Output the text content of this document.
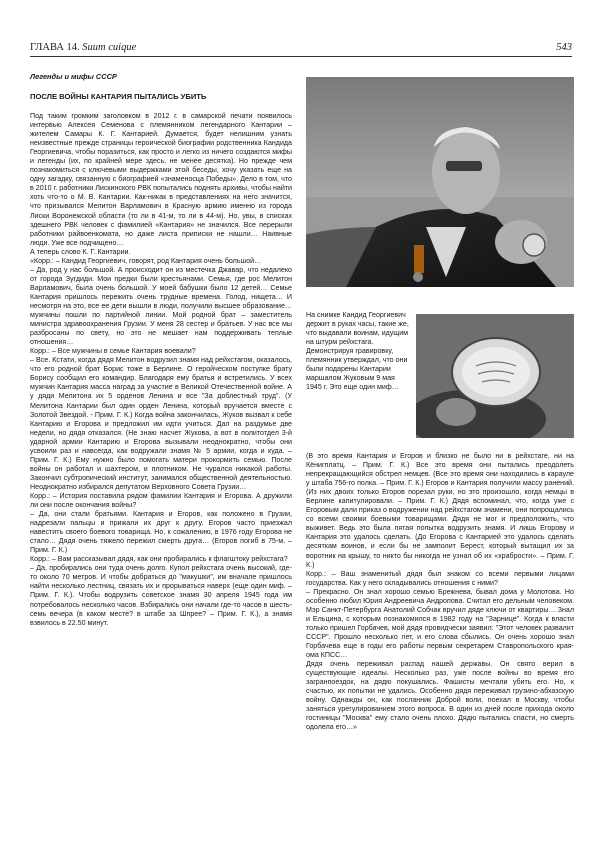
ГЛАВА 14. Suum cuique	543
Легенды и мифы СССР
ПОСЛЕ ВОЙНЫ КАНТАРИЯ ПЫТАЛИСЬ УБИТЬ

Под таким громким заголовком в 2012 г. в самарской печати появилось интервью Алексея Семенова с племянником легендарного Кантарии – жителем Самары К. Г. Кантарией. Думается, будет нелишним узнать неизвестные прежде страницы героической биографии родственника Кандида Георгиевича, чтобы поразиться, как просто и легко из ничего создаются мифы и легенды (их, по крайней мере здесь, не менее десятка). Но прежде чем познакомиться с ключевыми выдержками этой беседы, хочу указать еще на одну загадку, связанную с биографией «знаменосца Победы». Дело в том, что в 2010 г. работники Лискинского РВК попытались поднять архивы, чтобы найти хоть что-то о М. В. Кантарии. Как-никак в представлениях на него значится, что призывался Мелитон Варламович в Красную армию именно из города Лиски Воронежской области (то ли в 41-м, то ли в 44-м). Но, увы, в списках здешнего РВК человек с фамилией «Кантария» не значился. Все перерыли работники райвоенкомата, но даже листа приписки не нашли… Наивные люди. Уже все подчищено…

А теперь слово К. Г. Кантарии.

«Корр.: – Кандид Георгиевич, говорят, род Кантария очень большой…

– Да, род у нас большой. А происходит он из местечка Джавар, что недалеко от города Зугдиди. Мои предки были крестьянами. Семья, где рос Мелитон Варламович, была очень большой. У моей бабушки было 12 детей… Семье Кантария пришлось пережить очень трудные времена. Голод, нищета… И несмотря на это, все ее дети вышли в люди, получили высшее образование… мужчины пошли по партийной линии. Мой родной брат – заместитель министра здравоохранения Грузии. У меня 28 сестер и братьев. У нас все мы разбросаны по свету, но это не мешает нам поддерживать теплые отношения…

Корр.: – Все мужчины в семье Кантария воевали?

– Все. Кстати, когда дядя Мелитон водрузил знамя над рейхстагом, оказалось, что его родной брат Борис тоже в Берлине. О геройческом поступке брату Борису сообщил его командир. Благодаря ему братья и встретились. У всех мужчин Кантария масса наград за участие в Великой Отечественной войне. А у дяди Мелитона их 5 орденов Ленина и все "За доблестный труд". (У Мелитона Кантарии был один орден Ленина, который вручается вместе с Золотой Звездой. - Прим. Г. К.) Когда война закончилась, Жуков вызвал к себе Кантарию и Егорова и предложил им идти учиться. Дал на раздумье две недели, но дядя отказался. (Не знаю насчет Жукова, а вот в политотдел 3-й ударной армии Кантарию и Егорова вызывали неоднократно, чтобы они усвоили раз и навсегда, как водружали знамя № 5 армии, когда и куда. – Прим. Г. К.) Ему нужно было помогать матери прокормить семью. После войны он работал и шахтером, и плотником. Не чурался никакой работы. Закончил субтропический институт, занимался общественной деятельностью. Неоднократно избирался депутатом Верховного Совета Грузии…

Корр.: – История поставила рядом фамилии Кантария и Егорова. А дружили ли они после окончания войны?

– Да, они стали братьями. Кантария и Егоров, как положено в Грузии, надрезали пальцы и прижали их друг к другу. Егоров часто приезжал навестить своего боевого товарища. Но, к сожалению, в 1976 году Егорова не стало… Дядя очень тяжело пережил смерть друга… (Егоров погиб в 75-м. – Прим. Г. К.)

Корр.: – Вам рассказывал дядя, как они пробирались к флагштоку рейхстага?

– Да, пробирались они туда очень долго. Купол рейхстага очень высокий, где-то около 70 метров. И чтобы добраться до "макушки", им вначале пришлось найти несколько лестниц, связать их и прорываться наверх (еще один миф. – Прим. Г. К.). Чтобы водрузить советское знамя 30 апреля 1945 года им потребовалось несколько часов. Взбирались они начали где-то часов в шесть-семь вечера (в каком месте? в штабе за Шпрее? – Прим. Г. К.), а знамя взвилось в 22.50 минут.

На снимке Кандид Георгиевич держит в руках часы, такие же, что выдавали воинам, идущим на штурм рейхстага. Демонстрируя гравировку, племянник утверждал, что они были подарены Кантарии маршалом Жуковым 9 мая 1945 г. Это еще один миф…

(В это время Кантария и Егоров и близко не было ни в рейхстаге, ни на Кёнигплатц. – Прим. Г. К.) Все это время они пытались преодолеть непрекращающийся обстрел немцев. (Все это время они находились в караулe у штаба 756-го полка. – Прим. Г. К.) Егоров и Кантария получили массу ранений. (Из них двоих только Егоров порезал руки, но это произошло, когда немцы в Берлине капитулировали. – Прим. Г. К.) Дядя вспоминал, что, когда уже с Егоровым дали приказ о водружении над рейхстагом знамени, они попрощались со всеми своими боевыми товарищами. Дядя не мог и предположить, что выживет. Ведь это была пятая попытка водрузить знамя. И лишь Егорову и Кантария это удалось сделать. (До Егорова с Кантарией это удалось сделать десяткам воинов, и если бы не замполит Берест, который вытащил их за воротник на крышу, то никто бы никогда не узнал об их «храбрости». – Прим. Г. К.)

Корр.: – Ваш знаменитый дядя был знаком со всеми первыми лицами государства. Как у него складывались отношения с ними?

– Прекрасно. Он знал хорошо семью Брежнева, бывал дома у Молотова. Но особенно любил Юрия Андреевича Андропова. Считал его дельным человеком. Мэр Санкт-Петербурга Анатолий Собчак вручил дяде ключи от квартиры… Знал и Ельцина, с которым познакомился в 1982 году на "Зарнице". Когда к власти только пришел Горбачев, мой дядя провидчески заявил: "Этот человек развалит СССР". Прошло несколько лет, и его слова сбылись. Он очень хорошо знал Горбачева еще в годы его работы первым секретарем Ставропольского края-ома КПСС…

Дядя очень переживал распад нашей державы. Он свято верил в существующие идеалы. Несколько раз, уже после войны во время его загранпоездок, на дядю покушались. Фашисты мечтали убить его. Но, к счастью, их попытки не удались. Особенно дядя переживал грузино-абхазскую войну. Однажды он, как посланник Доброй воли, поехал в Москву, чтобы заняться урегулированием этого вопроса. В один из дней после прихода около гостиницы "Москва" ему стало очень плохо. Дядю пытались спасти, но смерть одолела его…»
